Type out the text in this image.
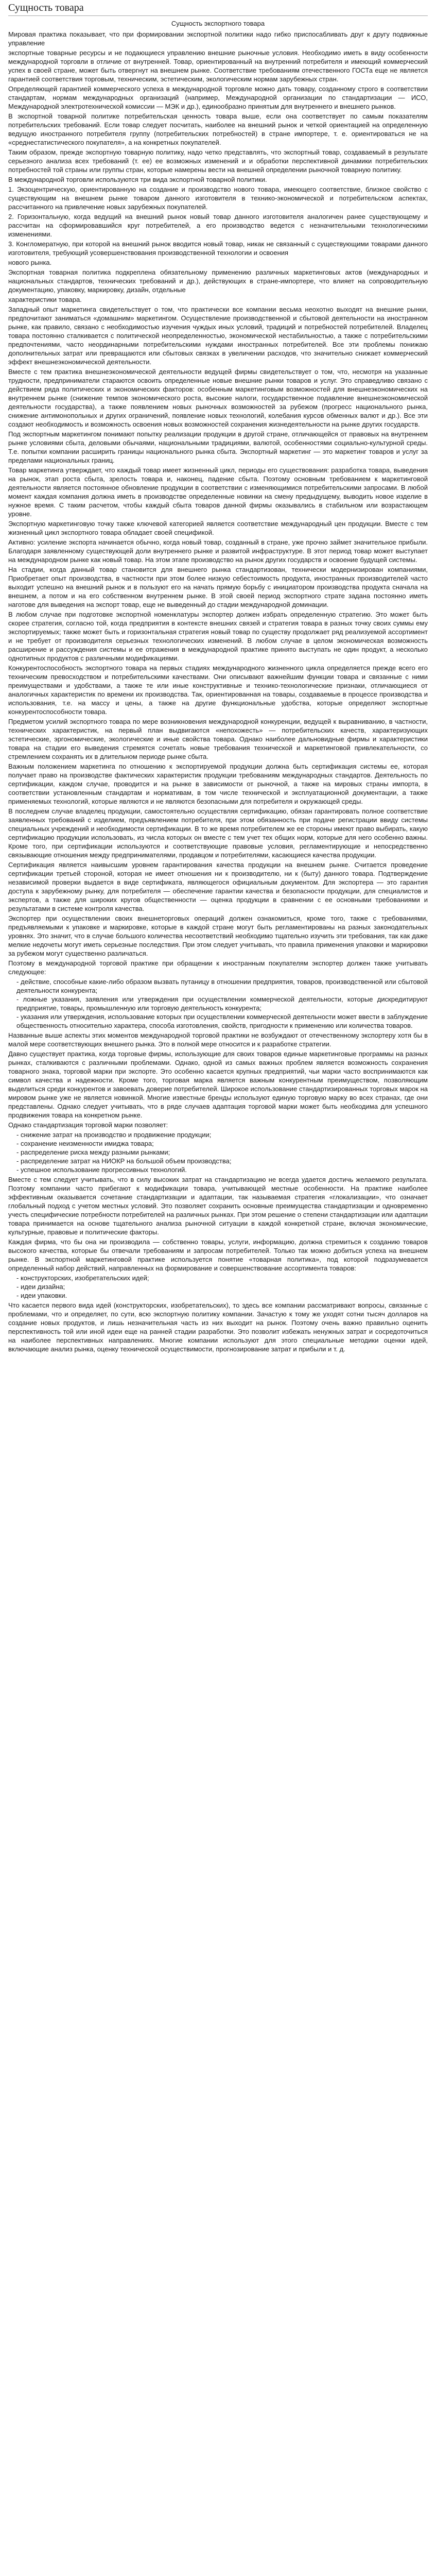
Сущность товара
Сущность экспортного товара

Мировая практика показывает, что при формировании экспортной политики надо гибко приспосабливать друг к другу подвижные управление

экспортные товарные ресурсы и не подающиеся управлению внешние рыночные условия. Необходимо иметь в виду особенности международной торговли в отличие от внутренней. Товар, ориентированный на внутренний потребителя и имеющий коммерческий успех в своей стране, может быть отвергнут на внешнем рынке. Соответствие требованиям отечественного ГОСТа еще не является гарантией соответствия торговым, техническим, эстетическим, экологическим нормам зарубежных стран.

Определяющей гарантией коммерческого успеха в международной торговле можно дать товару, созданному строго в соответствии стандартам, нормам международных организаций (например, Международной организации по стандартизации — ИСО, Международной электротехнической комиссии — МЭК и др.), единообразно принятым для внутреннего и внешнего рынков.

В экспортной товарной политике потребительская ценность товара выше, если она соответствует по самым показателям потребительских требований. Если товар следует посчитать, наиболее на внешний рынок и четкой ориентацией на определенную ведущую иностранного потребителя группу (потребительских потребностей) в стране импортере, т. е. ориентироваться не на «среднестатистического покупателя», а на конкретных покупателей.

Таким образом, прежде экспортную товарную политику, надо четко представлять, что экспортный товар, создаваемый в результате серьезного анализа всех требований (т. ее) ее возможных изменений и и обработки перспективной динамики потребительских потребностей той страны или группы стран, которые намерены вести на внешней определении рыночной товарную политику.

В международной торговли используются три вида экспортной товарной политики.

1. Экзоцентрическую, ориентированную на создание и производство нового товара, имеющего соответствие, близкое свойство с существующим на внешнем рынке товаром данного изготовителя в технико-экономической и потребительском аспектах, рассчитанного на привлечение новых зарубежных покупателей.

2. Горизонтальную, когда ведущий на внешний рынок новый товар данного изготовителя аналогичен ранее существующему и рассчитан на сформировавшийся круг потребителей, а его производство ведется с незначительными технологическими изменениями.

3. Конгломератную, при которой на внешний рынок вводится новый товар, никак не связанный с существующими товарами данного изготовителя, требующий усовершенствования производственной технологии и освоения

нового рынка.

Экспортная товарная политика подкреплена обязательному применению различных маркетинговых актов (международных и национальных стандартов, технических требований и др.), действующих в стране-импортере, что влияет на сопроводительную документацию, упаковку, маркировку, дизайн, отдельные

характеристики товара.

Западный опыт маркетинга свидетельствует о том, что практически все компании весьма неохотно выходят на внешние рынки, предпочитают заниматься «домашним» маркетингом. Осуществление производственной и сбытовой деятельности на иностранном рынке, как правило, связано с необходимостью изучения чуждых иных условий, традиций и потребностей потребителей. Владелец товара постоянно сталкивается с политической неопределенностью, экономической нестабильностью, а также с потребительскими предпочтениями, часто неординарными потребительскими нуждами иностранных потребителей. Все эти проблемы понижаю дополнительных затрат или превращаются или сбытовых связках в увеличении расходов, что значительно снижает коммерческий эффект внешнеэкономической деятельности.

Вместе с тем практика внешнеэкономической деятельности ведущей фирмы свидетельствует о том, что, несмотря на указанные трудности, предприниматели стараются освоить определенные новые внешние рынки товаров и услуг. Это справедливо связано с действием ряда политических и экономических факторов: особенным маркетинговым возможностей для внешнеэкономических на внутреннем рынке (снижение темпов экономического роста, высокие налоги, государственное подавление внешнеэкономической деятельности государства), а также появлением новых рыночных возможностей за рубежом (прогресс национального рынка, снижение антимонопольных и других ограничений, появление новых технологий, колебания курсов обменных валют и др.). Все эти создают необходимость и возможность освоения новых возможностей сохранения жизнедеятельности на рынке других государств.

Под экспортным маркетингом понимают попытку реализации продукции в другой стране, отличающейся от правовых на внутреннем рынке условиями сбыта, деловыми обычаями, национальными традициями, валютой, особенностями социально-культурной среды. Т.е. попытки компании расширить границы национального рынка сбыта. Экспортный маркетинг — это маркетинг товаров и услуг за пределами национальных границ.

Товар маркетинга утверждает, что каждый товар имеет жизненный цикл, периоды его существования: разработка товара, выведения на рынок, этап роста сбыта, зрелость товара и, наконец, падение сбыта. Поэтому основным требованием к маркетинговой деятельности является постоянное обновление продукции в соответствии с изменяющимися потребительскими запросами. В любой момент каждая компания должна иметь в производстве определенные новинки на смену предыдущему, выводить новое изделие в нужное время. С таким расчетом, чтобы каждый сбыта товаров данной фирмы оказывались в стабильном или возрастающем уровне.

Экспортную маркетинговую точку также ключевой категорией является соответствие международный цен продукции. Вместе с тем жизненный цикл экспортного товара обладает своей спецификой.

Активно: усиление экспорта начинается обычно, когда новый товар, созданный в стране, уже прочно займет значительное прибыли. Благодаря заявленному существующей доли внутреннего рынке и развитой инфраструктуре. В этот период товар может выступает на международном рынке как новый товар. На этом этапе производство на рынок других государств и освоение будущей системы.

На стадии, когда данный товар становится для внешнего рынка стандартизован, технически модернизирован компаниями, Приобретает опыт производства, в частности при этом более низкую себестоимость продукта, иностранных производителей часто выходит успешно на внешний рынок и в пользуют его на начать прямую борьбу с инициатором производства продукта сначала на внешнем, а потом и на его собственном внутреннем рынке. В этой своей период экспортного страте задана постоянно иметь наготове для выведения на экспорт товар, еще не выведенный до стадии международной доминации.

В любом случае при подготовке экспортной номенклатуры экспортер должен избрать определенную стратегию. Это может быть скорее стратегия, согласно той, когда предприятия в контексте внешних связей и стратегия товара в разных точку своих суммы ему экспортируемых; также может быть и горизонтальная стратегия новый товар по существу продолжает ряд реализуемой ассортимент и не требует от производителя серьезных технологических изменений. В любом случае в целом экономическая возможность расширение и рассуждения системы и ее отражения в международной практике принято выступать не один продукт, а несколько однотипных продуктов с различными модификациями.

Конкурентоспособность экспортного товара на первых стадиях международного жизненного цикла определяется прежде всего его техническим превосходством и потребительскими качествами. Они описывают важнейшим функции товара и связанные с ними преимуществами и удобствами, а также те или иные конструктивные и технико-технологические признаки, отличающиеся от аналогичных характеристик по времени их производства. Так, ориентированная на товары, создаваемые в процессе производства и использования, т.е. на массу и цены, а также на другие функциональные удобства, которые определяют экспортные конкурентоспособности товара.

Предметом усилий экспортного товара по мере возникновения международной конкуренции, ведущей к выравниванию, в частности, технических характеристик, на первый план выдвигаются «непохожесть» — потребительских качеств, характеризующих эстетические, эргономические, экологические и иные свойства товара. Однако наиболее дальновидные фирмы и характеристики товара на стадии его выведения стремятся сочетать новые требования технической и маркетинговой привлекательности, со стремлением сохранять их в длительном периоде рынке сбыта.

Важным положением маркетинга по отношению к экспортируемой продукции должна быть сертификация системы ее, которая получает право на производстве фактических характеристик продукции требованиям международных стандартов. Деятельность по сертификации, каждом случае, проводится и на рынке в зависимости от рыночной, а также на мировых страны импорта, в соответствии установленным стандартам и нормативам, в том числе технической и эксплуатационной документации, а также применяемых технологий, которые являются и не являются безопасными для потребителя и окружающей среды.

В последнем случае владелец продукции, самостоятельно осуществляя сертификацию, обязан гарантировать полное соответствие заявленных требований с изделием, предъявлением потребителя, при этом обязанность при подаче регистрации ввиду системы специальных учреждений и необходимости сертификации. В то же время потребителем же ее стороны имеют право выбирать, какую сертификацию продукции использовать, из числа которых он вместе с тем учет тех общих норм, которые для него особенно важны. Кроме того, при сертификации используются и соответствующие правовые условия, регламентирующие и непосредственно связывающие отношения между предпринимателями, продавцом и потребителями, касающиеся качества продукции.

Сертификация является наивысшим уровнем гарантирования качества продукции на внешнем рынке. Считается проведение сертификации третьей стороной, которая не имеет отношения ни к производителю, ни к (быту) данного товара. Подтверждение независимой проверки выдается в виде сертификата, являющегося официальным документом. Для экспортера — это гарантия доступа к зарубежному рынку, для потребителя — обеспечение гарантии качества и безопасности продукции, для специалистов и экспертов, а также для широких кругов общественности — оценка продукции в сравнении с ее основными требованиями и результатами в системе контроля качества.

Экспортер при осуществлении своих внешнеторговых операций должен ознакомиться, кроме того, также с требованиями, предъявляемыми к упаковке и маркировке, которые в каждой стране могут быть регламентированы на разных законодательных уровнях. Это значит, что в случае большого количества несоответствий необходимо тщательно изучить эти требования, так как даже мелкие недочеты могут иметь серьезные последствия. При этом следует учитывать, что правила применения упаковки и маркировки за рубежом могут существенно различаться.

Поэтому в международной торговой практике при обращении к иностранным покупателям экспортер должен также учитывать следующее:

- действие, способные какие-либо образом вызвать путаницу в отношении предприятия, товаров, производственной или сбытовой деятельности конкурента;
- ложные указания, заявления или утверждения при осуществлении коммерческой деятельности, которые дискредитируют предприятие, товары, промышленную или торговую деятельность конкурента;
- указания или утверждения, использование которых при осуществлении коммерческой деятельности может ввести в заблуждение общественность относительно характера, способа изготовления, свойств, пригодности к применению или количества товаров.

Названные выше аспекты этих моментов международной торговой практики не возбуждают от отечественному экспортеру хотя бы в малой мере соответствующих внешнего рынка. Это в полной мере относится и к разработке стратегии.

Давно существует практика, когда торговые фирмы, использующие для своих товаров единые маркетинговые программы на разных рынках, сталкиваются с различными проблемами. Однако, одной из самых важных проблем является возможность сохранения товарного знака, торговой марки при экспорте. Это особенно касается крупных предприятий, чьи марки часто воспринимаются как символ качества и надежности. Кроме того, торговая марка является важным конкурентным преимуществом, позволяющим выделиться среди конкурентов и завоевать доверие потребителей. Широкое использование стандартизированных торговых марок на мировом рынке уже не является новинкой. Многие известные бренды используют единую торговую марку во всех странах, где они представлены. Однако следует учитывать, что в ряде случаев адаптация торговой марки может быть необходима для успешного продвижения товара на конкретном рынке.

Однако стандартизация торговой марки позволяет:

- снижение затрат на производство и продвижение продукции;
- сохранение неизменности имиджа товара;
- распределение риска между разными рынками;
- распределение затрат на НИОКР на большой объем производства;
- успешное использование прогрессивных технологий.

Вместе с тем следует учитывать, что в силу высоких затрат на стандартизацию не всегда удается достичь желаемого результата. Поэтому компании часто прибегают к модификации товара, учитывающей местные особенности. На практике наиболее эффективным оказывается сочетание стандартизации и адаптации, так называемая стратегия «глокализации», что означает глобальный подход с учетом местных условий. Это позволяет сохранить основные преимущества стандартизации и одновременно учесть специфические потребности потребителей на различных рынках. При этом решение о степени стандартизации или адаптации товара принимается на основе тщательного анализа рыночной ситуации в каждой конкретной стране, включая экономические, культурные, правовые и политические факторы.

Каждая фирма, что бы она ни производила — собственно товары, услуги, информацию, должна стремиться к созданию товаров высокого качества, которые бы отвечали требованиям и запросам потребителей. Только так можно добиться успеха на внешнем рынке. В экспортной маркетинговой практике используется понятие «товарная политика», под которой подразумевается определенный набор действий, направленных на формирование и совершенствование ассортимента товаров:

- конструкторских, изобретательских идей;
- идеи дизайна;
- идеи упаковки.

Что касается первого вида идей (конструкторских, изобретательских), то здесь все компании рассматривают вопросы, связанные с проблемами, что и определяет, по сути, всю экспортную политику компании. Зачастую к тому же уходят сотни тысяч долларов на создание новых продуктов, и лишь незначительная часть из них выходит на рынок. Поэтому очень важно правильно оценить перспективность той или иной идеи еще на ранней стадии разработки. Это позволит избежать ненужных затрат и сосредоточиться на наиболее перспективных направлениях. Многие компании используют для этого специальные методики оценки идей, включающие анализ рынка, оценку технической осуществимости, прогнозирование затрат и прибыли и т. д.
